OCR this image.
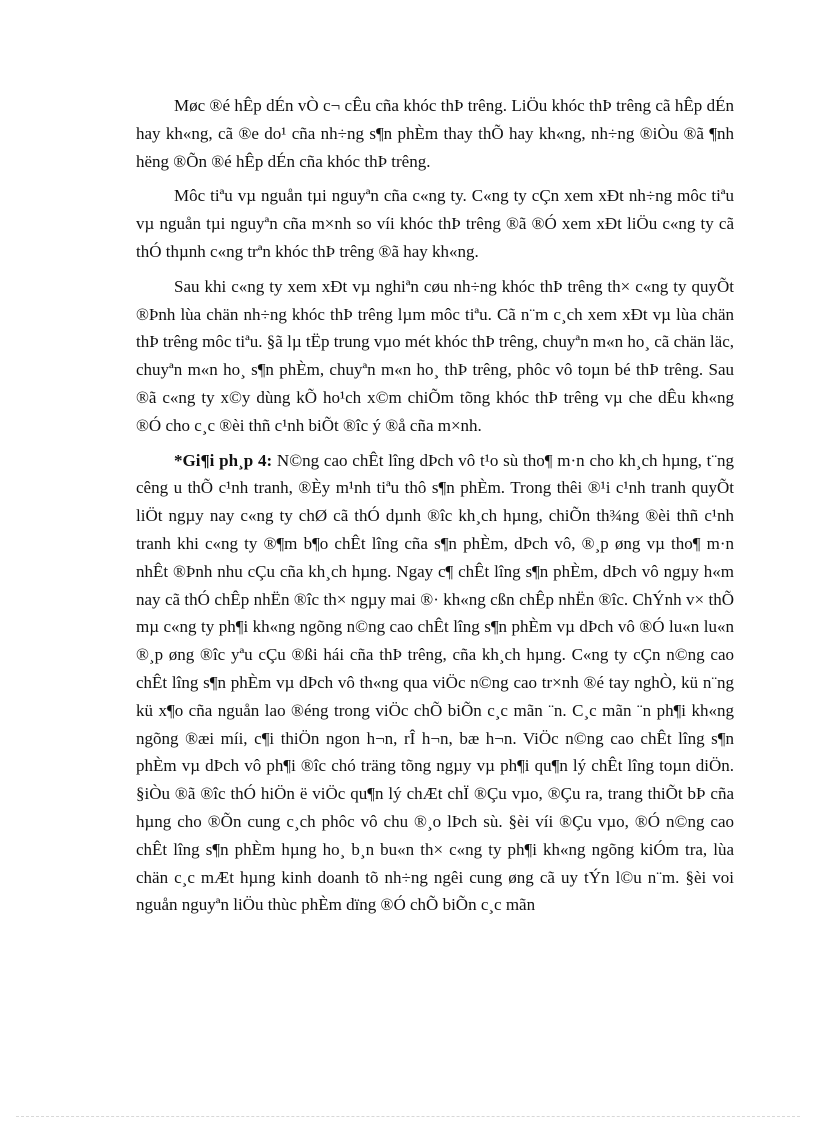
Møc ®é hÊp dÉn vÒ c¬ cÊu cña khóc thÞ trêng. LiÖu khóc thÞ trêng cã hÊp dÉn hay kh«ng, cã ®e do¹ cña nh÷ng s¶n phÈm thay thÕ hay kh«ng, nh÷ng ®iÒu ®ã ¶nh hëng ®Õn ®é hÊp dÉn cña khóc thÞ trêng.

Môc tiªu vµ nguån tµi nguyªn cña c«ng ty. C«ng ty cÇn xem xÐt nh÷ng môc tiªu vµ nguån tµi nguyªn cña m×nh so víi khóc thÞ trêng ®ã ®Ó xem xÐt liÖu c«ng ty cã thÓ thµnh c«ng trªn khóc thÞ trêng ®ã hay kh«ng.

Sau khi c«ng ty xem xÐt vµ nghiªn cøu nh÷ng khóc thÞ trêng th× c«ng ty quyÕt ®Þnh lùa chän nh÷ng khóc thÞ trêng lµm môc tiªu. Cã n¨m c¸ch xem xÐt vµ lùa chän thÞ trêng môc tiªu. §ã lµ tËp trung vµo mét khóc thÞ trêng, chuyªn m«n ho¸ cã chän läc, chuyªn m«n ho¸ s¶n phÈm, chuyªn m«n ho¸ thÞ trêng, phôc vô toµn bé thÞ trêng. Sau ®ã c«ng ty x©y dùng kÕ ho¹ch x©m chiÕm tõng khóc thÞ trêng vµ che dÊu kh«ng ®Ó cho c¸c ®èi thñ c¹nh biÕt ®îc ý ®å cña m×nh.

*Gi¶i ph¸p 4: N©ng cao chÊt lîng dÞch vô t¹o sù tho¶ m·n cho kh¸ch hµng, t¨ng cêng u thÕ c¹nh tranh, ®Èy m¹nh tiªu thô s¶n phÈm. Trong thêi ®¹i c¹nh tranh quyÕt liÖt ngµy nay c«ng ty chØ cã thÓ dµnh ®îc kh¸ch hµng, chiÕn th¾ng ®èi thñ c¹nh tranh khi c«ng ty ®¶m b¶o chÊt lîng cña s¶n phÈm, dÞch vô, ®¸p øng vµ tho¶ m·n nhÊt ®Þnh nhu cÇu cña kh¸ch hµng. Ngay c¶ chÊt lîng s¶n phÈm, dÞch vô ngµy h«m nay cã thÓ chÊp nhËn ®îc th× ngµy mai ®· kh«ng cßn chÊp nhËn ®îc. ChÝnh v× thÕ mµ c«ng ty ph¶i kh«ng ngõng n©ng cao chÊt lîng s¶n phÈm vµ dÞch vô ®Ó lu«n lu«n ®¸p øng ®îc yªu cÇu ®ßi hái cña thÞ trêng, cña kh¸ch hµng. C«ng ty cÇn n©ng cao chÊt lîng s¶n phÈm vµ dÞch vô th«ng qua viÖc n©ng cao tr×nh ®é tay nghÒ, kü n¨ng kü x¶o cña nguån lao ®éng trong viÖc chÕ biÕn c¸c mãn ¨n. C¸c mãn ¨n ph¶i kh«ng ngõng ®æi míi, c¶i thiÖn ngon h¬n, rÎ h¬n, bæ h¬n. ViÖc n©ng cao chÊt lîng s¶n phÈm vµ dÞch vô ph¶i ®îc chó träng tõng ngµy vµ ph¶i qu¶n lý chÊt lîng toµn diÖn. §iÒu ®ã ®îc thÓ hiÖn ë viÖc qu¶n lý chÆt chÏ ®Çu vµo, ®Çu ra, trang thiÕt bÞ cña hµng cho ®Õn cung c¸ch phôc vô chu ®¸o lÞch sù. §èi víi ®Çu vµo, ®Ó n©ng cao chÊt lîng s¶n phÈm hµng ho¸ b¸n bu«n th× c«ng ty ph¶i kh«ng ngõng kiÓm tra, lùa chän c¸c mÆt hµng kinh doanh tõ nh÷ng ngêi cung øng cã uy tÝn l©u n¨m. §èi voi nguån nguyªn liÖu thùc phÈm dïng ®Ó chÕ biÕn c¸c mãn
